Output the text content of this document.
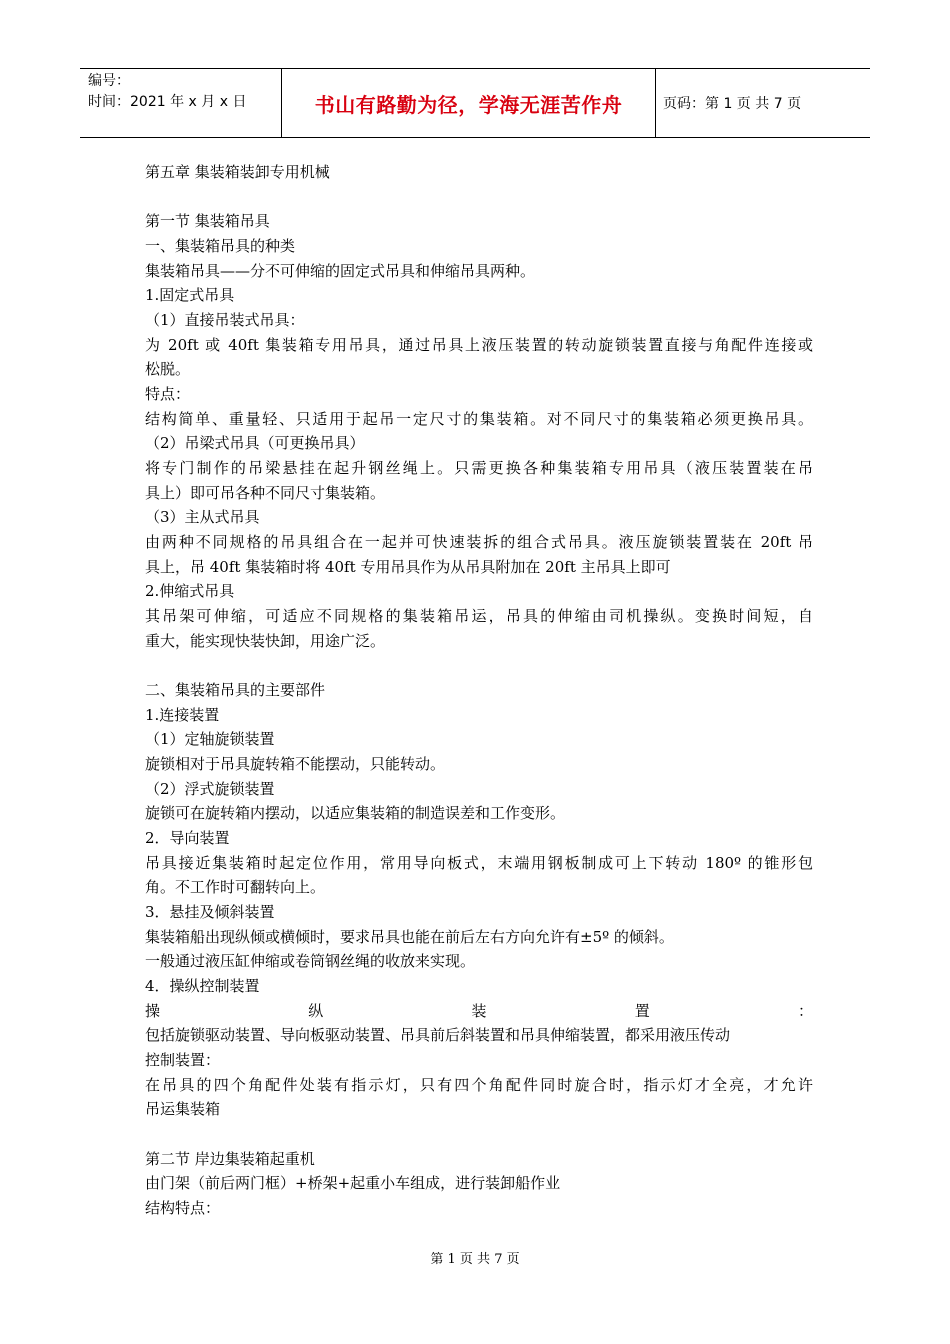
编号：
时间：2021 年 x 月 x 日	书山有路勤为径，学海无涯苦作舟	页码：第 1 页 共 7 页
第五章 集装箱装卸专用机械
第一节 集装箱吊具
一、集装箱吊具的种类
集装箱吊具——分不可伸缩的固定式吊具和伸缩吊具两种。
1.固定式吊具
（1）直接吊装式吊具：
为 20ft 或 40ft 集装箱专用吊具，通过吊具上液压装置的转动旋锁装置直接与角配件连接或
松脱。
特点：
结构简单、重量轻、只适用于起吊一定尺寸的集装箱。对不同尺寸的集装箱必须更换吊具。
（2）吊梁式吊具（可更换吊具）
将专门制作的吊梁悬挂在起升钢丝绳上。只需更换各种集装箱专用吊具（液压装置装在吊
具上）即可吊各种不同尺寸集装箱。
（3）主从式吊具
由两种不同规格的吊具组合在一起并可快速装拆的组合式吊具。液压旋锁装置装在 20ft 吊
具上，吊 40ft 集装箱时将 40ft 专用吊具作为从吊具附加在 20ft 主吊具上即可
2.伸缩式吊具
其吊架可伸缩，可适应不同规格的集装箱吊运，吊具的伸缩由司机操纵。变换时间短，自
重大，能实现快装快卸，用途广泛。
二、集装箱吊具的主要部件
1.连接装置
（1）定轴旋锁装置
旋锁相对于吊具旋转箱不能摆动，只能转动。
（2）浮式旋锁装置
旋锁可在旋转箱内摆动，以适应集装箱的制造误差和工作变形。
2．导向装置
吊具接近集装箱时起定位作用，常用导向板式，末端用钢板制成可上下转动 180º 的锥形包
角。不工作时可翻转向上。
3．悬挂及倾斜装置
集装箱船出现纵倾或横倾时，要求吊具也能在前后左右方向允许有±5º 的倾斜。
一般通过液压缸伸缩或卷筒钢丝绳的收放来实现。
4．操纵控制装置
操纵装置：
包括旋锁驱动装置、导向板驱动装置、吊具前后斜装置和吊具伸缩装置，都采用液压传动
控制装置：
在吊具的四个角配件处装有指示灯，只有四个角配件同时旋合时，指示灯才全亮，才允许
吊运集装箱
第二节 岸边集装箱起重机
由门架（前后两门框）+桥架+起重小车组成，进行装卸船作业
结构特点：
第 1 页 共 7 页
